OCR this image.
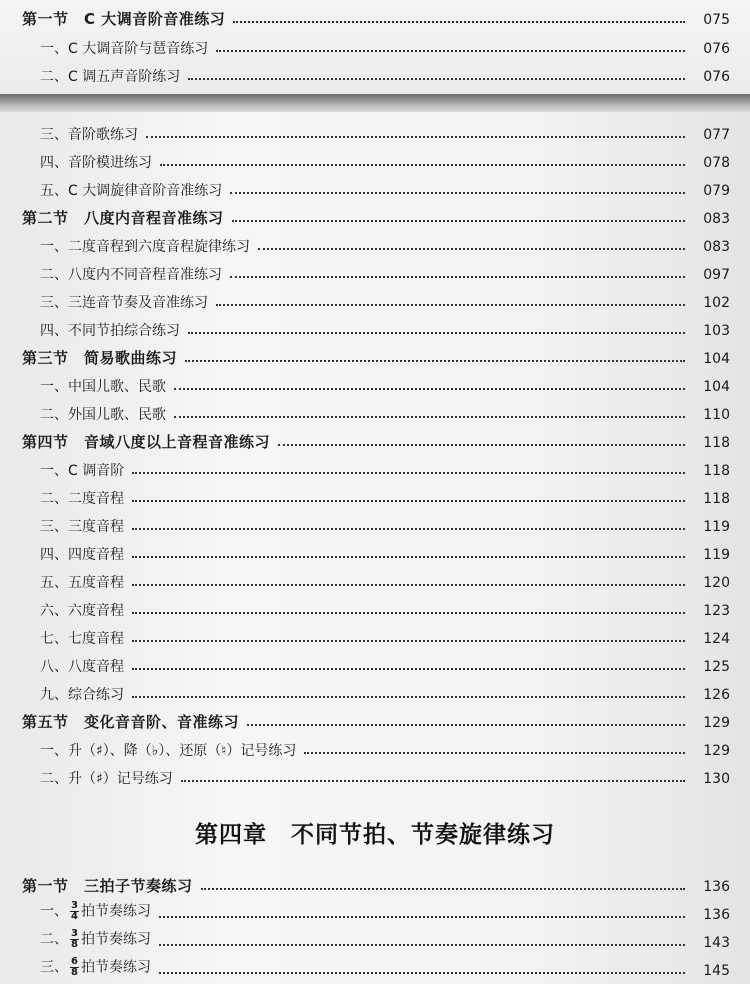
第一节　C 大调音阶音准练习	075
一、C 大调音阶与琶音练习	076
二、C 调五声音阶练习	076
三、音阶歌练习	077
四、音阶模进练习	078
五、C 大调旋律音阶音准练习	079
第二节　八度内音程音准练习	083
一、二度音程到六度音程旋律练习	083
二、八度内不同音程音准练习	097
三、三连音节奏及音准练习	102
四、不同节拍综合练习	103
第三节　简易歌曲练习	104
一、中国儿歌、民歌	104
二、外国儿歌、民歌	110
第四节　音域八度以上音程音准练习	118
一、C 调音阶	118
二、二度音程	118
三、三度音程	119
四、四度音程	119
五、五度音程	120
六、六度音程	123
七、七度音程	124
八、八度音程	125
九、综合练习	126
第五节　变化音音阶、音准练习	129
一、升（♯）、降（♭）、还原（♮）记号练习	129
二、升（♯）记号练习	130
第一节　三拍子节奏练习	136
一、 $\frac{3}{4}$ 拍节奏练习	136
二、 $\frac{3}{8}$ 拍节奏练习	143
三、 $\frac{6}{8}$ 拍节奏练习	145
第四章　不同节拍、节奏旋律练习
